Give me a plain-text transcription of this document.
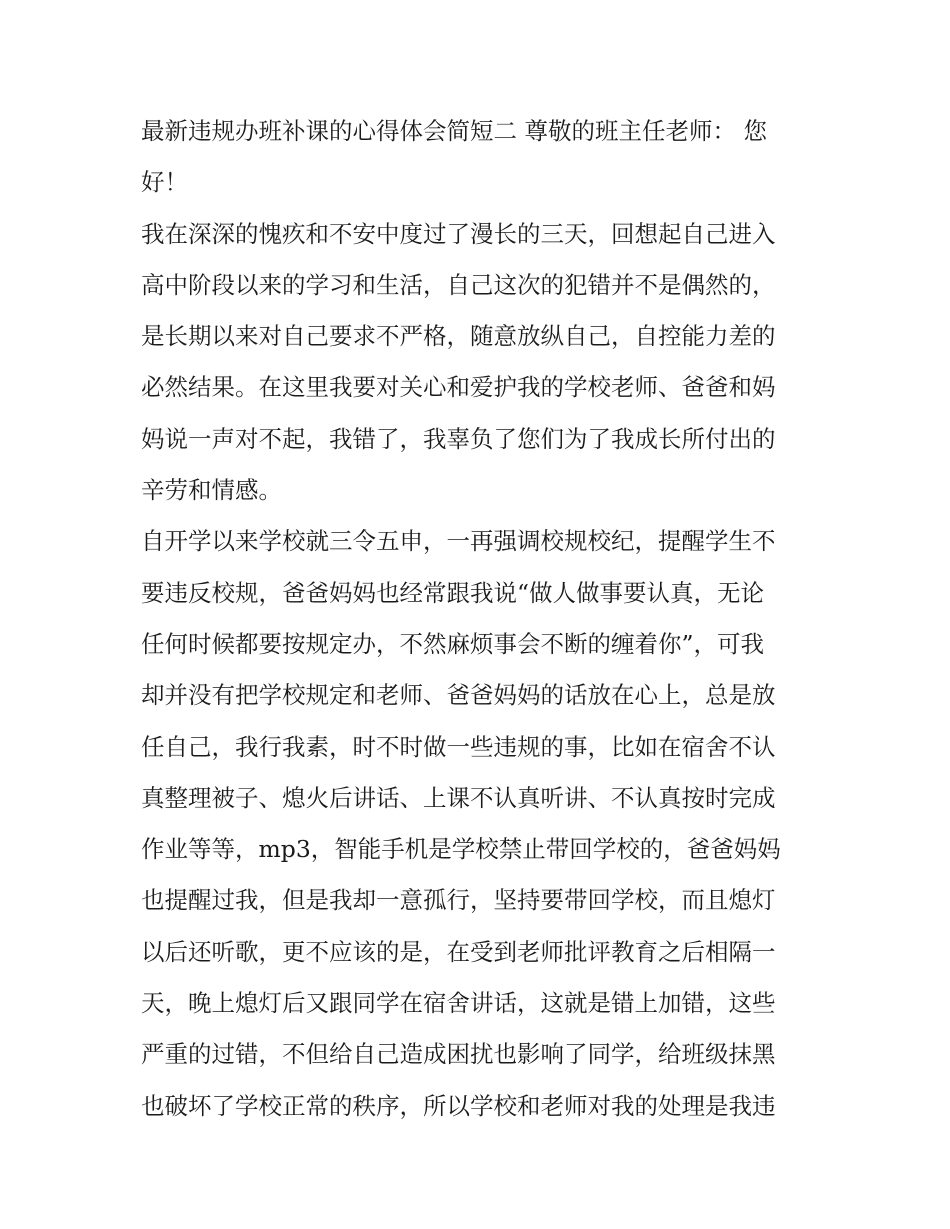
最新违规办班补课的心得体会简短二 尊敬的班主任老师： 您
好！
我在深深的愧疚和不安中度过了漫长的三天，回想起自己进入
高中阶段以来的学习和生活，自己这次的犯错并不是偶然的，
是长期以来对自己要求不严格，随意放纵自己，自控能力差的
必然结果。在这里我要对关心和爱护我的学校老师、爸爸和妈
妈说一声对不起，我错了，我辜负了您们为了我成长所付出的
辛劳和情感。
自开学以来学校就三令五申，一再强调校规校纪，提醒学生不
要违反校规，爸爸妈妈也经常跟我说“做人做事要认真，无论
任何时候都要按规定办，不然麻烦事会不断的缠着你”，可我
却并没有把学校规定和老师、爸爸妈妈的话放在心上，总是放
任自己，我行我素，时不时做一些违规的事，比如在宿舍不认
真整理被子、熄火后讲话、上课不认真听讲、不认真按时完成
作业等等，mp3，智能手机是学校禁止带回学校的，爸爸妈妈
也提醒过我，但是我却一意孤行，坚持要带回学校，而且熄灯
以后还听歌，更不应该的是，在受到老师批评教育之后相隔一
天，晚上熄灯后又跟同学在宿舍讲话，这就是错上加错，这些
严重的过错，不但给自己造成困扰也影响了同学，给班级抹黑
也破坏了学校正常的秩序，所以学校和老师对我的处理是我违
